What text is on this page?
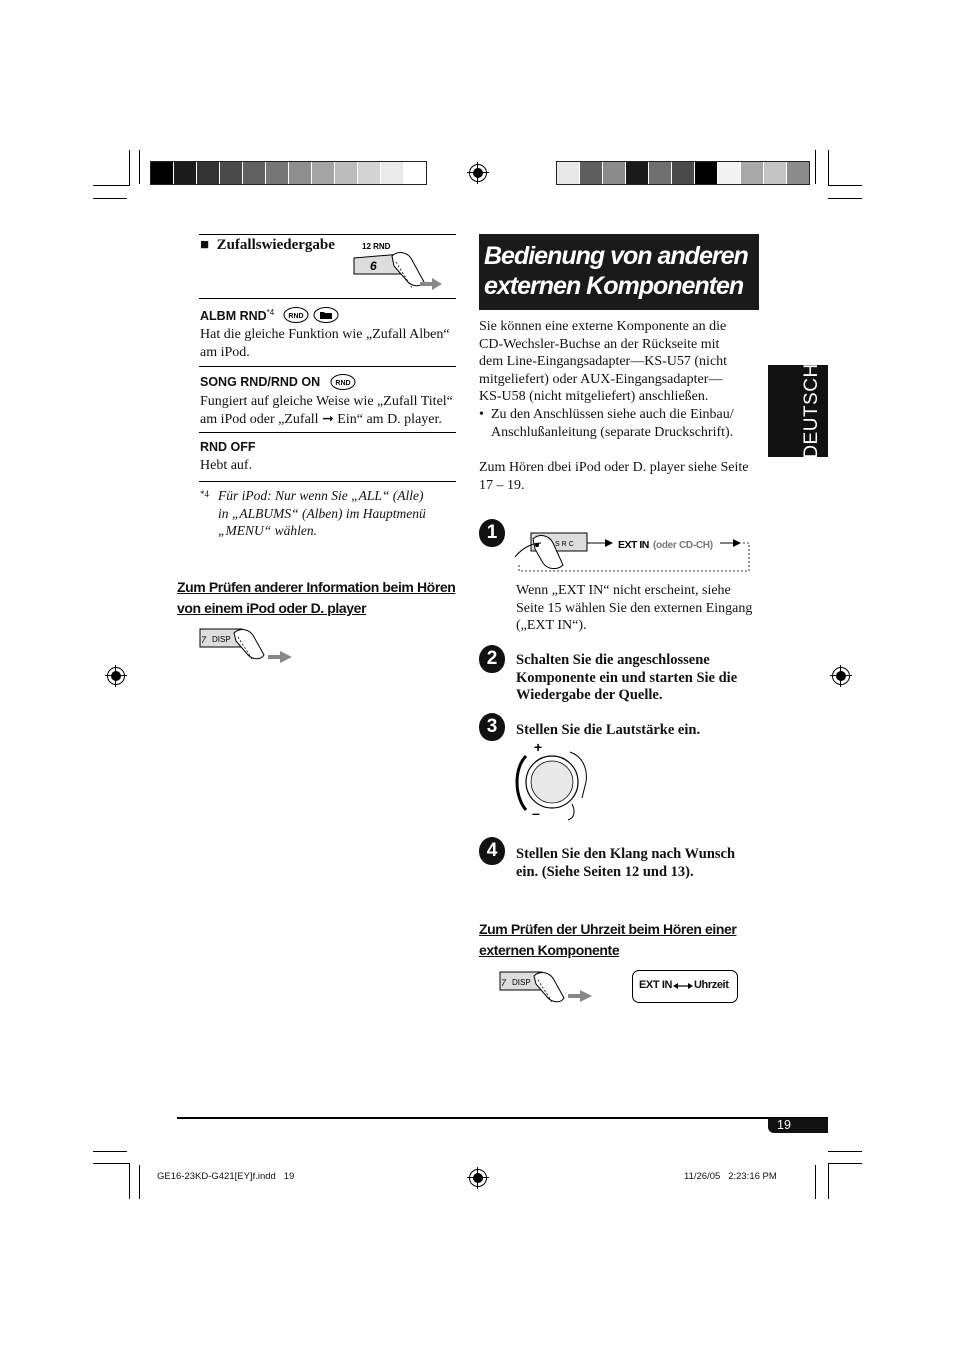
■ Zufallswiedergabe	12 RND
6
ALBM RND$^{*4}$ RND
Hat die gleiche Funktion wie „Zufall Alben“
am iPod.
SONG RND/RND ON RND
Fungiert auf gleiche Weise wie „Zufall Titel“
am iPod oder „Zufall ➞ Ein“ am D. player.
RND OFF
Hebt auf.
*4 Für iPod: Nur wenn Sie „ALL“ (Alle)
in „ALBUMS“ (Alben) im Hauptmenü
„MENU“ wählen.
Zum Prüfen anderer Information beim Hören
von einem iPod oder D. player
7 DISP
Bedienung von anderen
externen Komponenten
Sie können eine externe Komponente an die
CD-Wechsler-Buchse an der Rückseite mit
dem Line-Eingangsadapter—KS-U57 (nicht
mitgeliefert) oder AUX-Eingangsadapter—
KS-U58 (nicht mitgeliefert) anschließen.
• Zu den Anschlüssen siehe auch die Einbau/
Anschlußanleitung (separate Druckschrift).
Zum Hören dbei iPod oder D. player siehe Seite
17 – 19.
1
SRC	EXT IN (oder CD-CH)
Wenn „EXT IN“ nicht erscheint, siehe
Seite 15 wählen Sie den externen Eingang
(„EXT IN“).
2	Schalten Sie die angeschlossene
Komponente ein und starten Sie die
Wiedergabe der Quelle.
3	Stellen Sie die Lautstärke ein.
+
–
4	Stellen Sie den Klang nach Wunsch
ein. (Siehe Seiten 12 und 13).
Zum Prüfen der Uhrzeit beim Hören einer
externen Komponente
7 DISP	EXT IN Uhrzeit
DEUTSCH
19
GE16-23KD-G421[EY]f.indd   19	11/26/05   2:23:16 PM
